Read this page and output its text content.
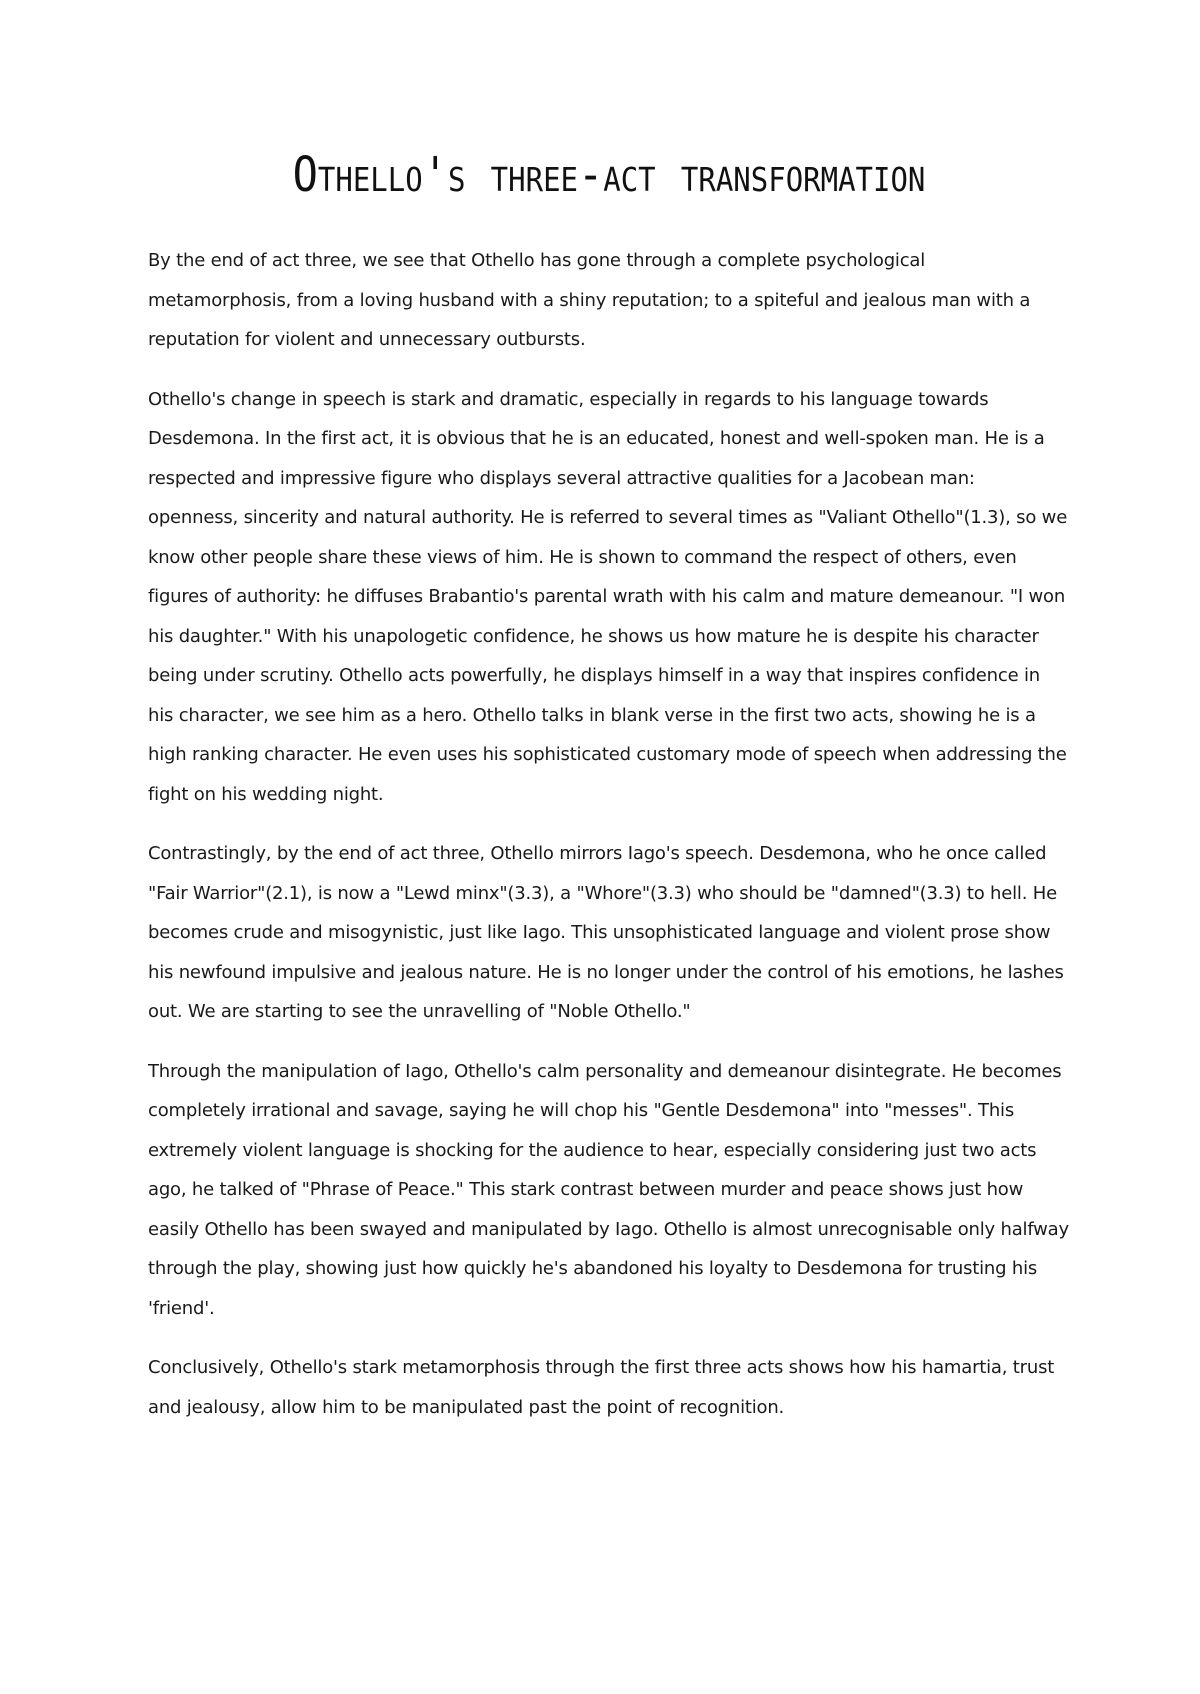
Othello's three-act transformation

By the end of act three, we see that Othello has gone through a complete psychological metamorphosis, from a loving husband with a shiny reputation; to a spiteful and jealous man with a reputation for violent and unnecessary outbursts.

Othello's change in speech is stark and dramatic, especially in regards to his language towards Desdemona. In the first act, it is obvious that he is an educated, honest and well-spoken man. He is a respected and impressive figure who displays several attractive qualities for a Jacobean man: openness, sincerity and natural authority. He is referred to several times as "Valiant Othello"(1.3), so we know other people share these views of him. He is shown to command the respect of others, even figures of authority: he diffuses Brabantio's parental wrath with his calm and mature demeanour. "I won his daughter." With his unapologetic confidence, he shows us how mature he is despite his character being under scrutiny. Othello acts powerfully, he displays himself in a way that inspires confidence in his character, we see him as a hero. Othello talks in blank verse in the first two acts, showing he is a high ranking character. He even uses his sophisticated customary mode of speech when addressing the fight on his wedding night.

Contrastingly, by the end of act three, Othello mirrors Iago's speech. Desdemona, who he once called "Fair Warrior"(2.1), is now a "Lewd minx"(3.3), a "Whore"(3.3) who should be "damned"(3.3) to hell. He becomes crude and misogynistic, just like Iago. This unsophisticated language and violent prose show his newfound impulsive and jealous nature. He is no longer under the control of his emotions, he lashes out. We are starting to see the unravelling of "Noble Othello."

Through the manipulation of Iago, Othello's calm personality and demeanour disintegrate. He becomes completely irrational and savage, saying he will chop his "Gentle Desdemona" into "messes". This extremely violent language is shocking for the audience to hear, especially considering just two acts ago, he talked of "Phrase of Peace." This stark contrast between murder and peace shows just how easily Othello has been swayed and manipulated by Iago. Othello is almost unrecognisable only halfway through the play, showing just how quickly he's abandoned his loyalty to Desdemona for trusting his 'friend'.

Conclusively, Othello's stark metamorphosis through the first three acts shows how his hamartia, trust and jealousy, allow him to be manipulated past the point of recognition.
